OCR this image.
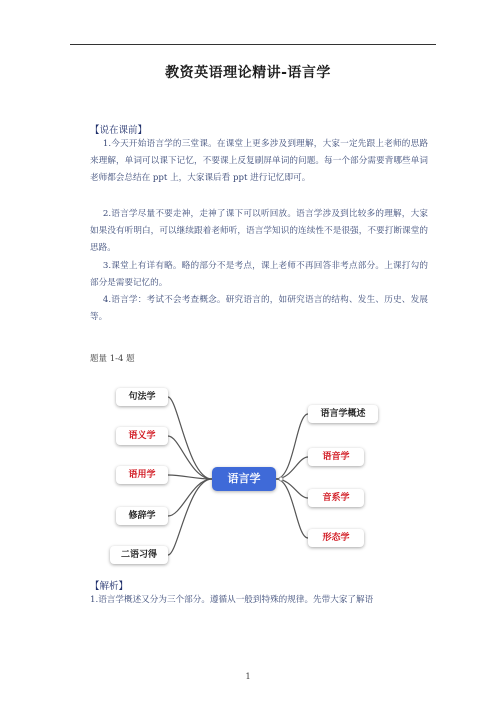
教资英语理论精讲-语言学
【说在课前】
1.今天开始语言学的三堂课。在课堂上更多涉及到理解，大家一定先跟上老师的思路来理解，单词可以课下记忆，不要课上反复刷屏单词的问题。每一个部分需要背哪些单词老师都会总结在 ppt 上，大家课后看 ppt 进行记忆即可。
2.语言学尽量不要走神，走神了课下可以听回放。语言学涉及到比较多的理解，大家如果没有听明白，可以继续跟着老师听，语言学知识的连续性不是很强，不要打断课堂的思路。
3.课堂上有详有略。略的部分不是考点，课上老师不再回答非考点部分。上课打勾的部分是需要记忆的。
4.语言学：考试不会考查概念。研究语言的，如研究语言的结构、发生、历史、发展等。
题量 1-4 题
句法学
语义学
语用学
修辞学
二语习得
语言学
语言学概述
语音学
音系学
形态学
【解析】
1.语言学概述又分为三个部分。遵循从一般到特殊的规律。先带大家了解语
1
